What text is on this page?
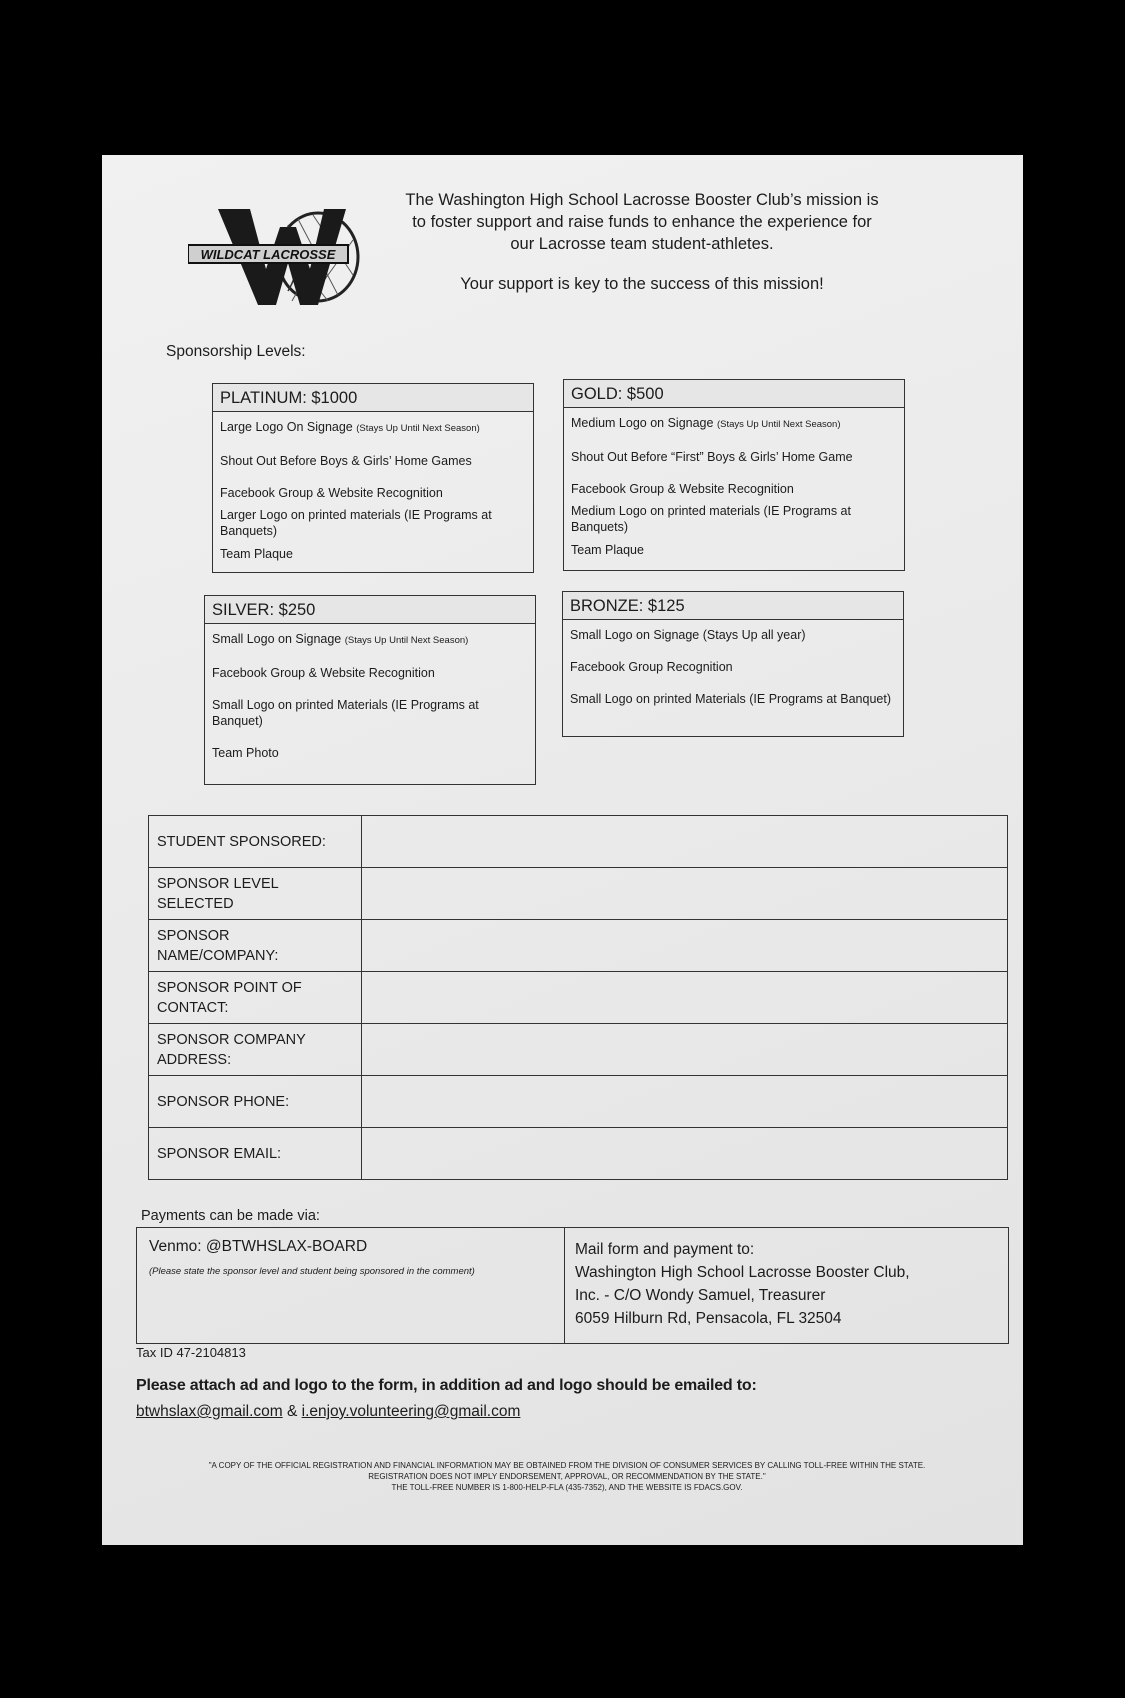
WILDCAT LACROSSE
The Washington High School Lacrosse Booster Club’s mission is to foster support and raise funds to enhance the experience for our Lacrosse team student-athletes.
Your support is key to the success of this mission!
Sponsorship Levels:
PLATINUM: $1000
Large Logo On Signage (Stays Up Until Next Season)
Shout Out Before Boys & Girls’ Home Games
Facebook Group & Website Recognition
Larger Logo on printed materials (IE Programs at Banquets)
Team Plaque
GOLD: $500
Medium Logo on Signage (Stays Up Until Next Season)
Shout Out Before “First” Boys & Girls’ Home Game
Facebook Group & Website Recognition
Medium Logo on printed materials (IE Programs at Banquets)
Team Plaque
SILVER: $250
Small Logo on Signage (Stays Up Until Next Season)
Facebook Group & Website Recognition
Small Logo on printed Materials (IE Programs at Banquet)
Team Photo
BRONZE: $125
Small Logo on Signage (Stays Up all year)
Facebook Group Recognition
Small Logo on printed Materials (IE Programs at Banquet)
STUDENT SPONSORED:	
SPONSOR LEVEL SELECTED	
SPONSOR NAME/COMPANY:	
SPONSOR POINT OF CONTACT:	
SPONSOR COMPANY ADDRESS:	
SPONSOR PHONE:	
SPONSOR EMAIL:	
Payments can be made via:
Venmo: @BTWHSLAX-BOARD
(Please state the sponsor level and student being sponsored in the comment)
Mail form and payment to:
Washington High School Lacrosse Booster Club,
Inc. - C/O Wondy Samuel, Treasurer
6059 Hilburn Rd, Pensacola, FL 32504
Tax ID 47-2104813
Please attach ad and logo to the form, in addition ad and logo should be emailed to:
btwhslax@gmail.com & i.enjoy.volunteering@gmail.com
"A COPY OF THE OFFICIAL REGISTRATION AND FINANCIAL INFORMATION MAY BE OBTAINED FROM THE DIVISION OF CONSUMER SERVICES BY CALLING TOLL-FREE WITHIN THE STATE.
REGISTRATION DOES NOT IMPLY ENDORSEMENT, APPROVAL, OR RECOMMENDATION BY THE STATE."
THE TOLL-FREE NUMBER IS 1-800-HELP-FLA (435-7352), AND THE WEBSITE IS FDACS.GOV.
